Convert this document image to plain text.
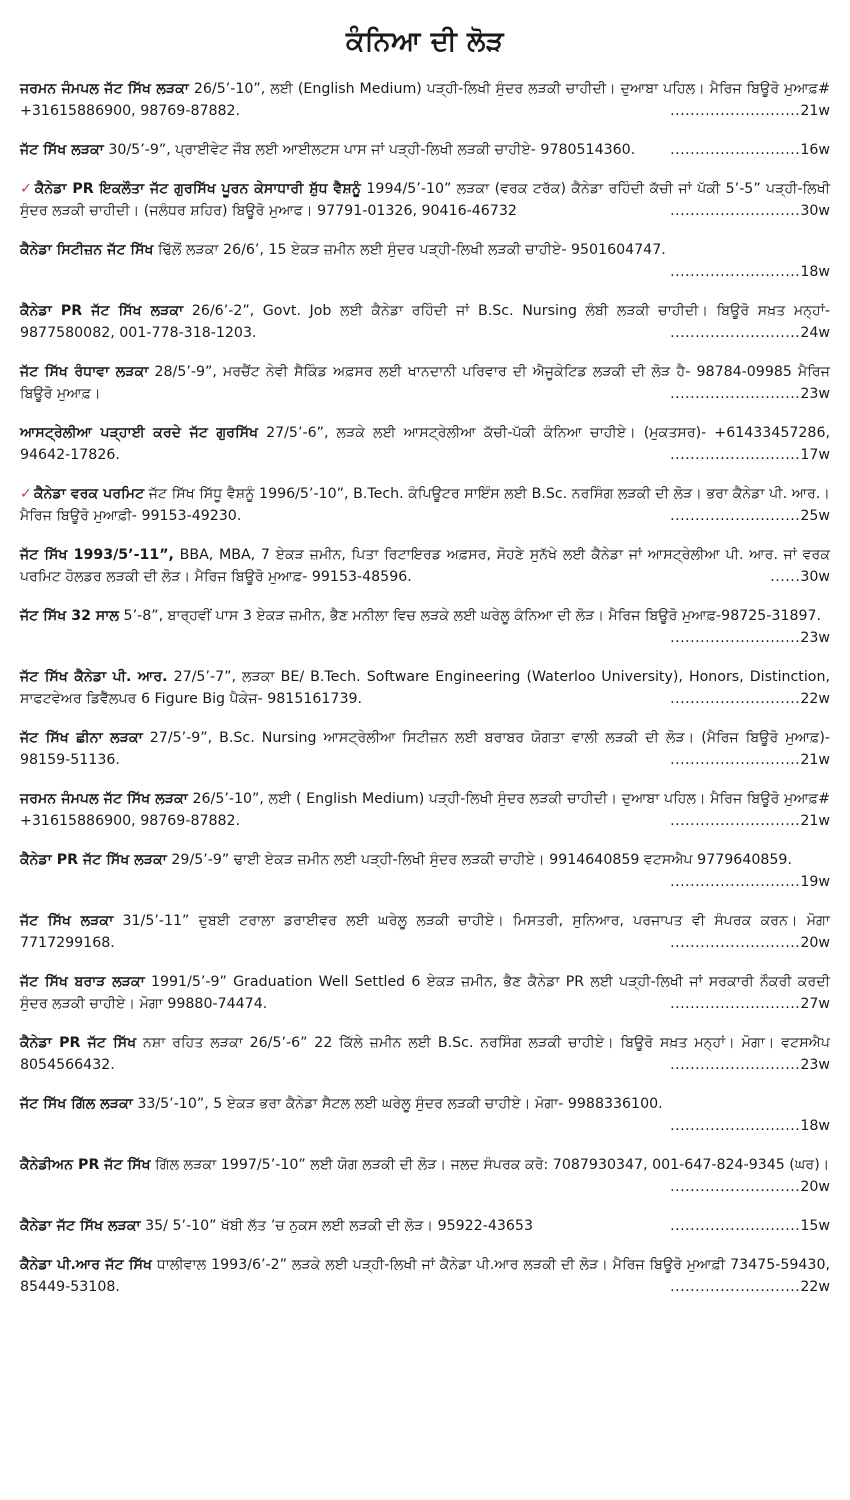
ਕੰਨਿਆ ਦੀ ਲੋੜ
ਜਰਮਨ ਜੰਮਪਲ ਜੱਟ ਸਿੱਖ ਲੜਕਾ 26/5’-10”, ਲਈ (English Medium) ਪੜ੍ਹੀ-ਲਿਖੀ ਸੁੰਦਰ ਲੜਕੀ ਚਾਹੀਦੀ। ਦੁਆਬਾ ਪਹਿਲ। ਮੈਰਿਜ ਬਿਊਰੋ ਮੁਆਫ਼# +31615886900, 98769-87882.	..........................21w
ਜੱਟ ਸਿੱਖ ਲੜਕਾ 30/5’-9”, ਪ੍ਰਾਈਵੇਟ ਜੌਬ ਲਈ ਆਈਲਟਸ ਪਾਸ ਜਾਂ ਪੜ੍ਹੀ-ਲਿਖੀ ਲੜਕੀ ਚਾਹੀਏ- 9780514360. ..........................16w
✓ ਕੈਨੇਡਾ PR ਇਕਲੌਤਾ ਜੱਟ ਗੁਰਸਿੱਖ ਪੂਰਨ ਕੇਸਾਧਾਰੀ ਸ਼ੁੱਧ ਵੈਸ਼ਨੂੰ 1994/5’-10” ਲੜਕਾ (ਵਰਕ ਟਰੱਕ) ਕੈਨੇਡਾ ਰਹਿੰਦੀ ਕੱਚੀ ਜਾਂ ਪੱਕੀ 5’-5” ਪੜ੍ਹੀ-ਲਿਖੀ ਸੁੰਦਰ ਲੜਕੀ ਚਾਹੀਦੀ। (ਜਲੰਧਰ ਸ਼ਹਿਰ) ਬਿਊਰੋ ਮੁਆਫ। 97791-01326, 90416-46732	..........................30w
ਕੈਨੇਡਾ ਸਿਟੀਜ਼ਨ ਜੱਟ ਸਿੱਖ ਢਿੱਲੋਂ ਲੜਕਾ 26/6’, 15 ਏਕੜ ਜ਼ਮੀਨ ਲਈ ਸੁੰਦਰ ਪੜ੍ਹੀ-ਲਿਖੀ ਲੜਕੀ ਚਾਹੀਏ- 9501604747.
..........................18w
ਕੈਨੇਡਾ PR ਜੱਟ ਸਿੱਖ ਲੜਕਾ 26/6’-2”, Govt. Job ਲਈ ਕੈਨੇਡਾ ਰਹਿੰਦੀ ਜਾਂ B.Sc. Nursing ਲੰਬੀ ਲੜਕੀ ਚਾਹੀਦੀ। ਬਿਊਰੋ ਸਖ਼ਤ ਮਨ੍ਹਾਂ- 9877580082, 001-778-318-1203.	..........................24w
ਜੱਟ ਸਿੱਖ ਰੰਧਾਵਾ ਲੜਕਾ 28/5’-9”, ਮਰਚੈਂਟ ਨੇਵੀ ਸੈਕਿੰਡ ਅਫ਼ਸਰ ਲਈ ਖਾਨਦਾਨੀ ਪਰਿਵਾਰ ਦੀ ਐਜੂਕੇਟਿਡ ਲੜਕੀ ਦੀ ਲੋੜ ਹੈ- 98784-09985 ਮੈਰਿਜ ਬਿਊਰੋ ਮੁਆਫ਼।	..........................23w
ਆਸਟ੍ਰੇਲੀਆ ਪੜ੍ਹਾਈ ਕਰਦੇ ਜੱਟ ਗੁਰਸਿੱਖ 27/5’-6”, ਲੜਕੇ ਲਈ ਆਸਟ੍ਰੇਲੀਆ ਕੱਚੀ-ਪੱਕੀ ਕੰਨਿਆ ਚਾਹੀਏ। (ਮੁਕਤਸਰ)- +61433457286, 94642-17826.	..........................17w
✓ ਕੈਨੇਡਾ ਵਰਕ ਪਰਮਿਟ ਜੱਟ ਸਿੱਖ ਸਿੱਧੂ ਵੈਸ਼ਨੂੰ 1996/5’-10”, B.Tech. ਕੰਪਿਊਟਰ ਸਾਇੰਸ ਲਈ B.Sc. ਨਰਸਿੰਗ ਲੜਕੀ ਦੀ ਲੋੜ। ਭਰਾ ਕੈਨੇਡਾ ਪੀ. ਆਰ.। ਮੈਰਿਜ ਬਿਊਰੋ ਮੁਆਫ਼ੀ- 99153-49230.	..........................25w
ਜੱਟ ਸਿੱਖ 1993/5’-11”, BBA, MBA, 7 ਏਕੜ ਜ਼ਮੀਨ, ਪਿਤਾ ਰਿਟਾਇਰਡ ਅਫ਼ਸਰ, ਸੋਹਣੇ ਸੁਨੱਖੇ ਲਈ ਕੈਨੇਡਾ ਜਾਂ ਆਸਟ੍ਰੇਲੀਆ ਪੀ. ਆਰ. ਜਾਂ ਵਰਕ ਪਰਮਿਟ ਹੋਲਡਰ ਲੜਕੀ ਦੀ ਲੋੜ। ਮੈਰਿਜ ਬਿਊਰੋ ਮੁਆਫ਼- 99153-48596.	......30w
ਜੱਟ ਸਿੱਖ 32 ਸਾਲ 5’-8”, ਬਾਰ੍ਹਵੀਂ ਪਾਸ 3 ਏਕੜ ਜ਼ਮੀਨ, ਭੈਣ ਮਨੀਲਾ ਵਿਚ ਲੜਕੇ ਲਈ ਘਰੇਲੂ ਕੰਨਿਆ ਦੀ ਲੋੜ। ਮੈਰਿਜ ਬਿਊਰੋ ਮੁਆਫ਼-98725-31897.
..........................23w
ਜੱਟ ਸਿੱਖ ਕੈਨੇਡਾ ਪੀ. ਆਰ. 27/5’-7”, ਲੜਕਾ BE/ B.Tech. Software Engineering (Waterloo University), Honors, Distinction, ਸਾਫਟਵੇਅਰ ਡਿਵੈੱਲਪਰ 6 Figure Big ਪੈਕੇਜ- 9815161739.	..........................22w
ਜੱਟ ਸਿੱਖ ਛੀਨਾ ਲੜਕਾ 27/5’-9”, B.Sc. Nursing ਆਸਟ੍ਰੇਲੀਆ ਸਿਟੀਜ਼ਨ ਲਈ ਬਰਾਬਰ ਯੋਗਤਾ ਵਾਲੀ ਲੜਕੀ ਦੀ ਲੋੜ। (ਮੈਰਿਜ ਬਿਊਰੋ ਮੁਆਫ਼)- 98159-51136.	..........................21w
ਜਰਮਨ ਜੰਮਪਲ ਜੱਟ ਸਿੱਖ ਲੜਕਾ 26/5’-10”, ਲਈ ( English Medium) ਪੜ੍ਹੀ-ਲਿਖੀ ਸੁੰਦਰ ਲੜਕੀ ਚਾਹੀਦੀ। ਦੁਆਬਾ ਪਹਿਲ। ਮੈਰਿਜ ਬਿਊਰੋ ਮੁਆਫ਼# +31615886900, 98769-87882.	..........................21w
ਕੈਨੇਡਾ PR ਜੱਟ ਸਿੱਖ ਲੜਕਾ 29/5’-9” ਢਾਈ ਏਕੜ ਜ਼ਮੀਨ ਲਈ ਪੜ੍ਹੀ-ਲਿਖੀ ਸੁੰਦਰ ਲੜਕੀ ਚਾਹੀਏ। 9914640859 ਵਟਸਐਪ 9779640859.
..........................19w
ਜੱਟ ਸਿੱਖ ਲੜਕਾ 31/5’-11” ਦੁਬਈ ਟਰਾਲਾ ਡਰਾਈਵਰ ਲਈ ਘਰੇਲੂ ਲੜਕੀ ਚਾਹੀਏ। ਮਿਸਤਰੀ, ਸੁਨਿਆਰ, ਪਰਜਾਪਤ ਵੀ ਸੰਪਰਕ ਕਰਨ। ਮੋਗਾ 7717299168.	..........................20w
ਜੱਟ ਸਿੱਖ ਬਰਾੜ ਲੜਕਾ 1991/5’-9” Graduation Well Settled 6 ਏਕੜ ਜ਼ਮੀਨ, ਭੈਣ ਕੈਨੇਡਾ PR ਲਈ ਪੜ੍ਹੀ-ਲਿਖੀ ਜਾਂ ਸਰਕਾਰੀ ਨੌਕਰੀ ਕਰਦੀ ਸੁੰਦਰ ਲੜਕੀ ਚਾਹੀਏ। ਮੋਗਾ 99880-74474.	..........................27w
ਕੈਨੇਡਾ PR ਜੱਟ ਸਿੱਖ ਨਸ਼ਾ ਰਹਿਤ ਲੜਕਾ 26/5’-6” 22 ਕਿੱਲੇ ਜ਼ਮੀਨ ਲਈ B.Sc. ਨਰਸਿੰਗ ਲੜਕੀ ਚਾਹੀਏ। ਬਿਊਰੋ ਸਖ਼ਤ ਮਨ੍ਹਾਂ। ਮੋਗਾ। ਵਟਸਐਪ 8054566432.	..........................23w
ਜੱਟ ਸਿੱਖ ਗਿੱਲ ਲੜਕਾ 33/5’-10”, 5 ਏਕੜ ਭਰਾ ਕੈਨੇਡਾ ਸੈਟਲ ਲਈ ਘਰੇਲੂ ਸੁੰਦਰ ਲੜਕੀ ਚਾਹੀਏ। ਮੋਗਾ- 9988336100.
..........................18w
ਕੈਨੇਡੀਅਨ PR ਜੱਟ ਸਿੱਖ ਗਿੱਲ ਲੜਕਾ 1997/5’-10” ਲਈ ਯੋਗ ਲੜਕੀ ਦੀ ਲੋੜ। ਜਲਦ ਸੰਪਰਕ ਕਰੋ: 7087930347, 001-647-824-9345 (ਘਰ)।
..........................20w
ਕੈਨੇਡਾ ਜੱਟ ਸਿੱਖ ਲੜਕਾ 35/ 5’-10” ਖੱਬੀ ਲੱਤ ’ਚ ਨੁਕਸ ਲਈ ਲੜਕੀ ਦੀ ਲੋੜ। 95922-43653	..........................15w
ਕੈਨੇਡਾ ਪੀ.ਆਰ ਜੱਟ ਸਿੱਖ ਧਾਲੀਵਾਲ 1993/6’-2” ਲੜਕੇ ਲਈ ਪੜ੍ਹੀ-ਲਿਖੀ ਜਾਂ ਕੈਨੇਡਾ ਪੀ.ਆਰ ਲੜਕੀ ਦੀ ਲੋੜ। ਮੈਰਿਜ ਬਿਊਰੋ ਮੁਆਫ਼ੀ 73475-59430, 85449-53108.	..........................22w
